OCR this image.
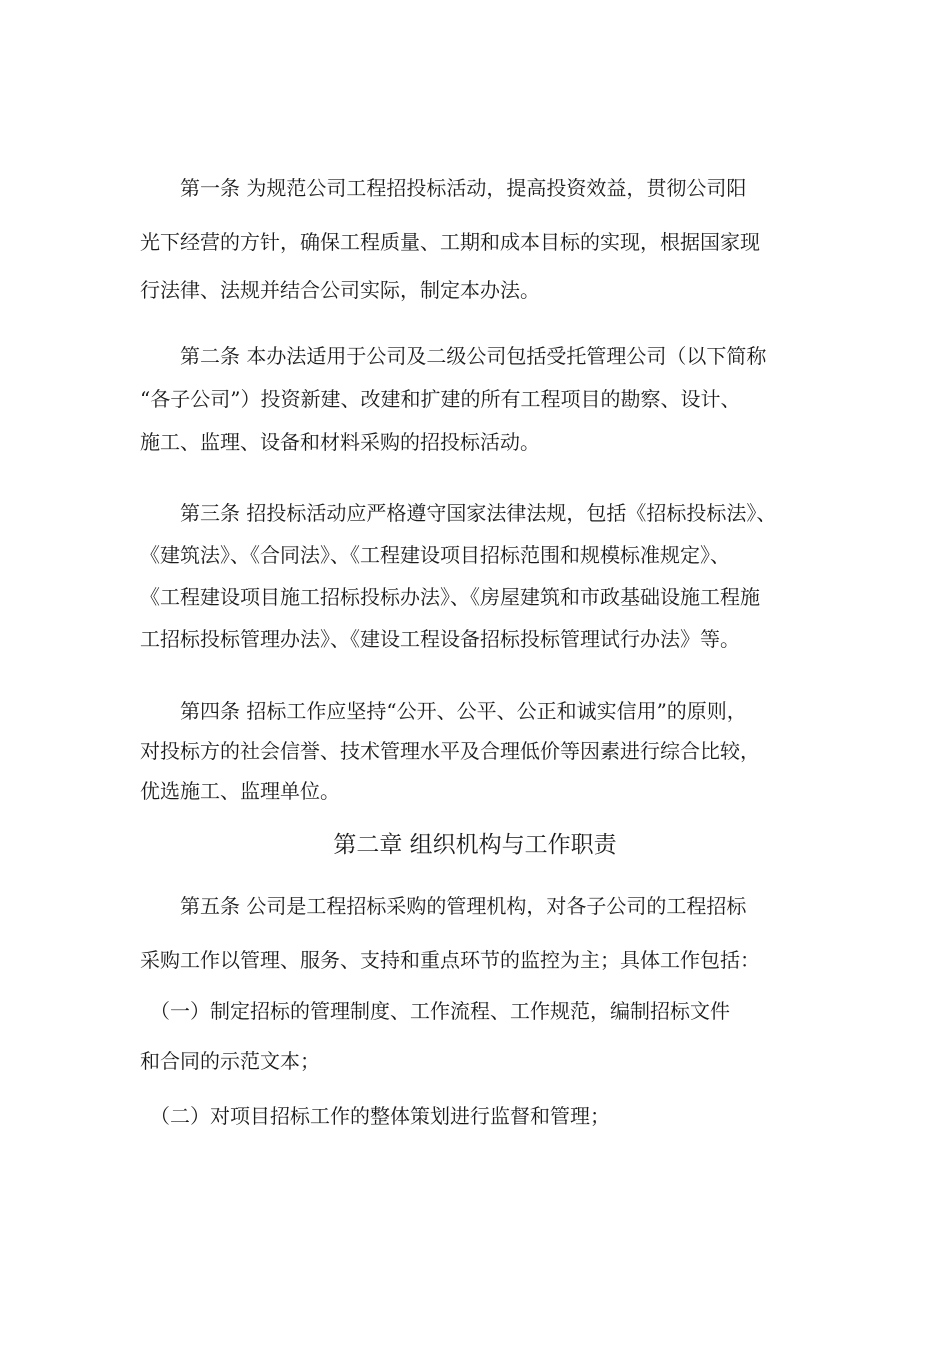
　　第一条 为规范公司工程招投标活动，提高投资效益，贯彻公司阳
光下经营的方针，确保工程质量、工期和成本目标的实现，根据国家现
行法律、法规并结合公司实际，制定本办法。
　　第二条 本办法适用于公司及二级公司包括受托管理公司（以下简称
“各子公司”）投资新建、改建和扩建的所有工程项目的勘察、设计、
施工、监理、设备和材料采购的招投标活动。
　　第三条 招投标活动应严格遵守国家法律法规，包括《招标投标法》、
《建筑法》、《合同法》、《工程建设项目招标范围和规模标准规定》、
《工程建设项目施工招标投标办法》、《房屋建筑和市政基础设施工程施
工招标投标管理办法》、《建设工程设备招标投标管理试行办法》等。
　　第四条 招标工作应坚持“公开、公平、公正和诚实信用”的原则，
对投标方的社会信誉、技术管理水平及合理低价等因素进行综合比较，
优选施工、监理单位。
第二章 组织机构与工作职责
　　第五条 公司是工程招标采购的管理机构，对各子公司的工程招标
采购工作以管理、服务、支持和重点环节的监控为主；具体工作包括：
　（一）制定招标的管理制度、工作流程、工作规范，编制招标文件
和合同的示范文本；
　（二）对项目招标工作的整体策划进行监督和管理；
